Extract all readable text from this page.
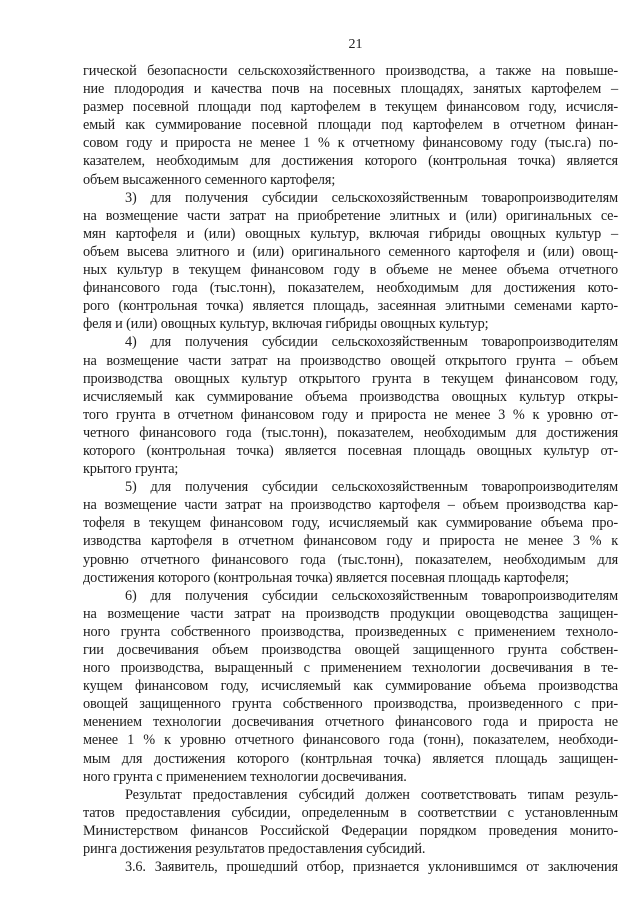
21
гической безопасности сельскохозяйственного производства, а также на повыше-
ние плодородия и качества почв на посевных площадях, занятых картофелем –
размер посевной площади под картофелем в текущем финансовом году, исчисля-
емый как суммирование посевной площади под картофелем в отчетном финан-
совом году и прироста не менее 1 % к отчетному финансовому году (тыс.га) по-
казателем, необходимым для достижения которого (контрольная точка) является
объем высаженного семенного картофеля;
3) для получения субсидии сельскохозяйственным товаропроизводителям
на возмещение части затрат на приобретение элитных и (или) оригинальных се-
мян картофеля и (или) овощных культур, включая гибриды овощных культур –
объем высева элитного и (или) оригинального семенного картофеля и (или) овощ-
ных культур в текущем финансовом году в объеме не менее объема отчетного
финансового года (тыс.тонн), показателем, необходимым для достижения кото-
рого (контрольная точка) является площадь, засеянная элитными семенами карто-
феля и (или) овощных культур, включая гибриды овощных культур;
4) для получения субсидии сельскохозяйственным товаропроизводителям
на возмещение части затрат на производство овощей открытого грунта – объем
производства овощных культур открытого грунта в текущем финансовом году,
исчисляемый как суммирование объема производства овощных культур откры-
того грунта в отчетном финансовом году и прироста не менее 3 % к уровню от-
четного финансового года (тыс.тонн), показателем, необходимым для достижения
которого (контрольная точка) является посевная площадь овощных культур от-
крытого грунта;
5) для получения субсидии сельскохозяйственным товаропроизводителям
на возмещение части затрат на производство картофеля – объем производства кар-
тофеля в текущем финансовом году, исчисляемый как суммирование объема про-
изводства картофеля в отчетном финансовом году и прироста не менее 3 % к
уровню отчетного финансового года (тыс.тонн), показателем, необходимым для
достижения которого (контрольная точка) является посевная площадь картофеля;
6) для получения субсидии сельскохозяйственным товаропроизводителям
на возмещение части затрат на производств продукции овощеводства защищен-
ного грунта собственного производства, произведенных с применением техноло-
гии досвечивания объем производства овощей защищенного грунта собствен-
ного производства, выращенный с применением технологии досвечивания в те-
кущем финансовом году, исчисляемый как суммирование объема производства
овощей защищенного грунта собственного производства, произведенного с при-
менением технологии досвечивания отчетного финансового года и прироста не
менее 1 % к уровню отчетного финансового года (тонн), показателем, необходи-
мым для достижения которого (контрльная точка) является площадь защищен-
ного грунта с применением технологии досвечивания.
Результат предоставления субсидий должен соответствовать типам резуль-
татов предоставления субсидии, определенным в соответствии с установленным
Министерством финансов Российской Федерации порядком проведения монито-
ринга достижения результатов предоставления субсидий.
3.6. Заявитель, прошедший отбор, признается уклонившимся от заключения
